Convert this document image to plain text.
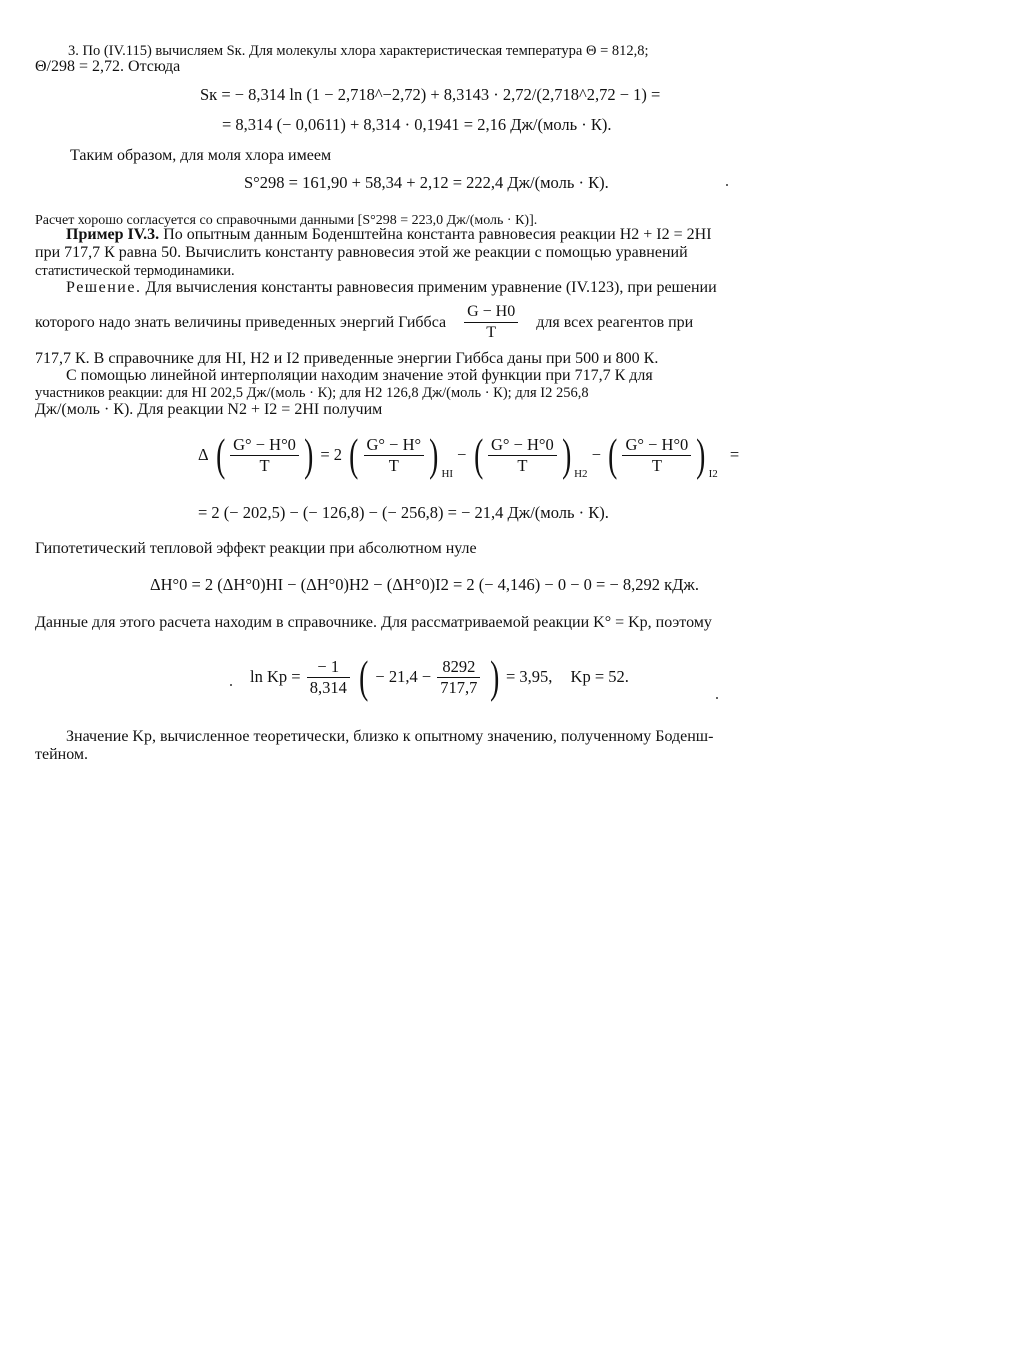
3. По (IV.115) вычисляем Sк. Для молекулы хлора характеристическая температура Θ = 812,8;
Θ/298 = 2,72. Отсюда
Sк = − 8,314 ln (1 − 2,718^−2,72) + 8,3143 · 2,72/(2,718^2,72 − 1) =
= 8,314 (− 0,0611) + 8,314 · 0,1941 = 2,16 Дж/(моль · К).
Таким образом, для моля хлора имеем
S°298 = 161,90 + 58,34 + 2,12 = 222,4 Дж/(моль · К).
Расчет хорошо согласуется со справочными данными [S°298 = 223,0 Дж/(моль · К)].
Пример IV.3. По опытным данным Боденштейна константа равновесия реакции H2 + I2 = 2HI
при 717,7 К равна 50. Вычислить константу равновесия этой же реакции с помощью уравнений
статистической термодинамики.
Решение. Для вычисления константы равновесия применим уравнение (IV.123), при решении
которого надо знать величины приведенных энергий Гиббса $\frac{G - H0}{T}$ для всех реагентов при
717,7 К. В справочнике для HI, H2 и I2 приведенные энергии Гиббса даны при 500 и 800 К.
С помощью линейной интерполяции находим значение этой функции при 717,7 К для
участников реакции: для HI 202,5 Дж/(моль · К); для H2 126,8 Дж/(моль · К); для I2 256,8
Дж/(моль · К). Для реакции N2 + I2 = 2HI получим
Δ ( $\frac{G^\circ - H^\circ 0}{T}$ ) = 2 ( $\frac{G^\circ - H^\circ}{T}$ ) HI − ( $\frac{G^\circ - H^\circ 0}{T}$ ) H2 − ( $\frac{G^\circ - H^\circ 0}{T}$ ) I2 =
= 2 (− 202,5) − (− 126,8) − (− 256,8) = − 21,4 Дж/(моль · К).
Гипотетический тепловой эффект реакции при абсолютном нуле
ΔH°0 = 2 (ΔH°0)HI − (ΔH°0)H2 − (ΔH°0)I2 = 2 (− 4,146) − 0 − 0 = − 8,292 кДж.
Данные для этого расчета находим в справочнике. Для рассматриваемой реакции K° = Kp, поэтому
$\ln Kp = \frac{- 1}{8,314}$ ( − $21,4 - \frac{8292}{717,7}$ ) = 3,95, Kp = 52.
Значение Kp, вычисленное теоретически, близко к опытному значению, полученному Боденш-
тейном.
